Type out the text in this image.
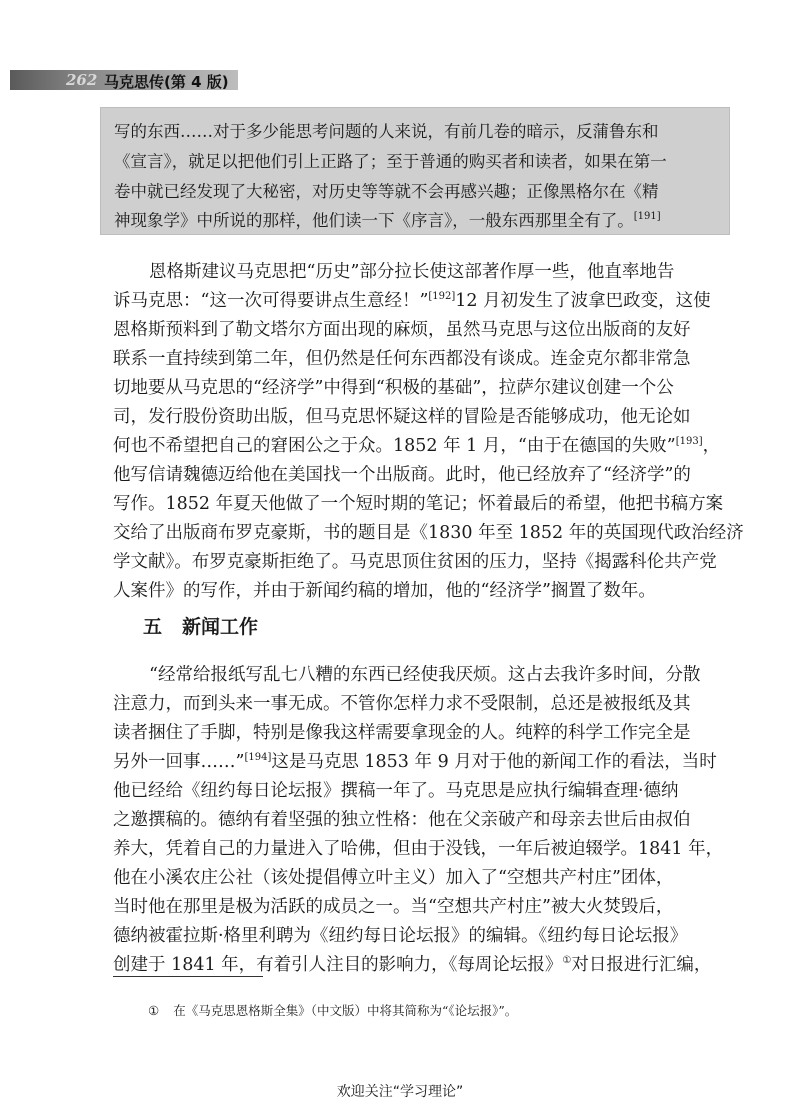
262 马克思传(第 4 版)
写的东西……对于多少能思考问题的人来说，有前几卷的暗示，反蒲鲁东和
《宣言》，就足以把他们引上正路了；至于普通的购买者和读者，如果在第一
卷中就已经发现了大秘密，对历史等等就不会再感兴趣；正像黑格尔在《精
神现象学》中所说的那样，他们读一下《序言》，一般东西那里全有了。[191]
恩格斯建议马克思把“历史”部分拉长使这部著作厚一些，他直率地告
诉马克思：“这一次可得要讲点生意经！”[192]12 月初发生了波拿巴政变，这使
恩格斯预料到了勒文塔尔方面出现的麻烦，虽然马克思与这位出版商的友好
联系一直持续到第二年，但仍然是任何东西都没有谈成。连金克尔都非常急
切地要从马克思的“经济学”中得到“积极的基础”，拉萨尔建议创建一个公
司，发行股份资助出版，但马克思怀疑这样的冒险是否能够成功，他无论如
何也不希望把自己的窘困公之于众。1852 年 1 月，“由于在德国的失败”[193]，
他写信请魏德迈给他在美国找一个出版商。此时，他已经放弃了“经济学”的
写作。1852 年夏天他做了一个短时期的笔记；怀着最后的希望，他把书稿方案
交给了出版商布罗克豪斯，书的题目是《1830 年至 1852 年的英国现代政治经济
学文献》。布罗克豪斯拒绝了。马克思顶住贫困的压力，坚持《揭露科伦共产党
人案件》的写作，并由于新闻约稿的增加，他的“经济学”搁置了数年。
五 新闻工作
“经常给报纸写乱七八糟的东西已经使我厌烦。这占去我许多时间，分散
注意力，而到头来一事无成。不管你怎样力求不受限制，总还是被报纸及其
读者捆住了手脚，特别是像我这样需要拿现金的人。纯粹的科学工作完全是
另外一回事……”[194]这是马克思 1853 年 9 月对于他的新闻工作的看法，当时
他已经给《纽约每日论坛报》撰稿一年了。马克思是应执行编辑查理·德纳
之邀撰稿的。德纳有着坚强的独立性格：他在父亲破产和母亲去世后由叔伯
养大，凭着自己的力量进入了哈佛，但由于没钱，一年后被迫辍学。1841 年，
他在小溪农庄公社（该处提倡傅立叶主义）加入了“空想共产村庄”团体，
当时他在那里是极为活跃的成员之一。当“空想共产村庄”被大火焚毁后，
德纳被霍拉斯·格里利聘为《纽约每日论坛报》的编辑。《纽约每日论坛报》
创建于 1841 年，有着引人注目的影响力，《每周论坛报》①对日报进行汇编，
① 在《马克思恩格斯全集》（中文版）中将其简称为“《论坛报》”。
欢迎关注“学习理论”
